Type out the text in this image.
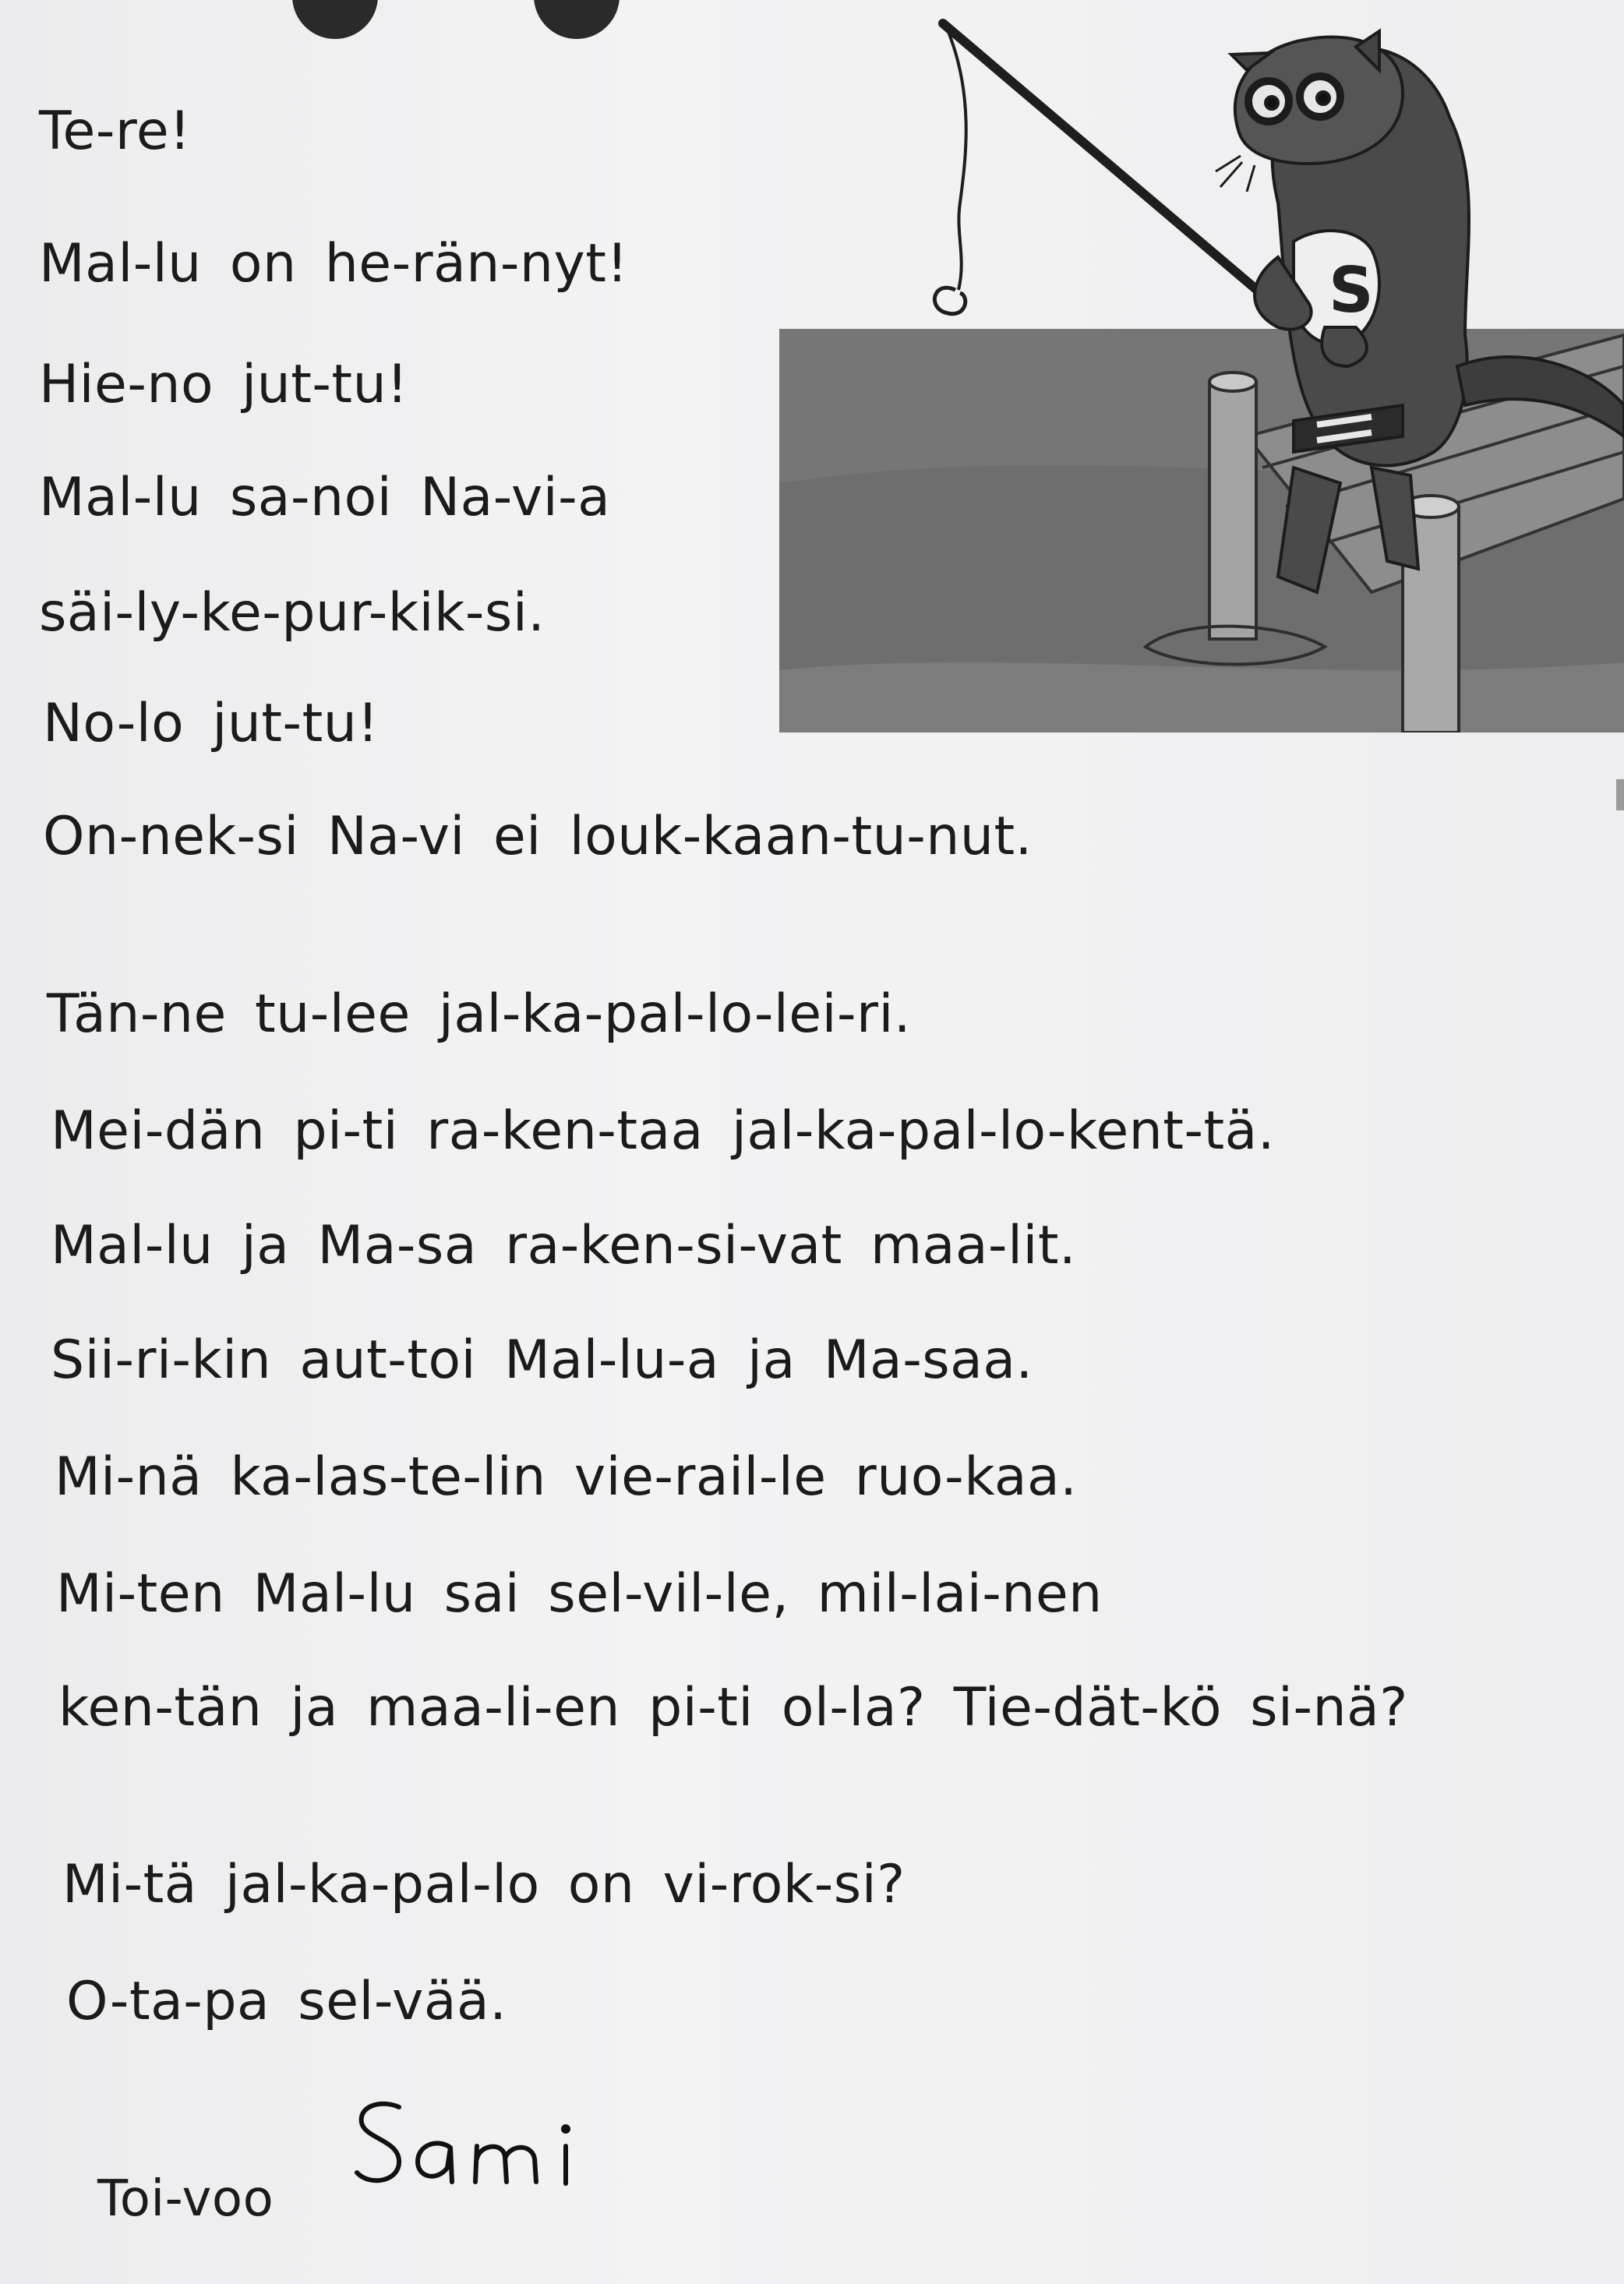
Te-re!
Mal-lu on he-rän-nyt!
Hie-no jut-tu!
Mal-lu sa-noi Na-vi-a
säi-ly-ke-pur-kik-si.
No-lo jut-tu!
On-nek-si Na-vi ei louk-kaan-tu-nut.
Tän-ne tu-lee jal-ka-pal-lo-lei-ri.
Mei-dän pi-ti ra-ken-taa jal-ka-pal-lo-kent-tä.
Mal-lu ja Ma-sa ra-ken-si-vat maa-lit.
Sii-ri-kin aut-toi Mal-lu-a ja Ma-saa.
Mi-nä ka-las-te-lin vie-rail-le ruo-kaa.
Mi-ten Mal-lu sai sel-vil-le, mil-lai-nen
ken-tän ja maa-li-en pi-ti ol-la? Tie-dät-kö si-nä?
Mi-tä jal-ka-pal-lo on vi-rok-si?
O-ta-pa sel-vää.
Toi-voo
S
